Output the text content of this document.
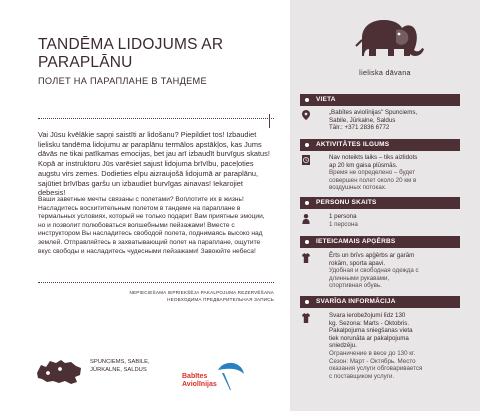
TANDĒMA LIDOJUMS AR PARAPLĀNU
ПОЛЕТ НА ПАРАПЛАНЕ В ТАНДЕМЕ

Vai Jūsu kvēlākie sapņi saistīti ar lidošanu? Piepildiet tos! Izbaudiet lielisku tandēma lidojumu ar paraplānu termālos apstākļos, kas Jums dāvās ne tikai patīkamas emocijas, bet jau arī izbaudīt burvīgus skatus! Kopā ar instruktoru Jūs varēsiet sajust lidojuma brīvību, paceļoties augstu virs zemes. Dodieties elpu aizraujošā lidojumā ar paraplānu, sajūtiet brīvības garšu un izbaudiet burvīgas ainavas! Iekarojiet debesis!

Ваши заветные мечты связаны с полетами? Воплотите их в жизнь! Насладитесь восхитительным полетом в тандеме на параплане в термальных условиях, который не только подарит Вам приятные эмоции, но и позволит полюбоваться волшебными пейзажами! Вместе с инструктором Вы насладитесь свободой полета, поднимаясь высоко над землей. Отправляйтесь в захватывающий полет на параплане, ощутите вкус свободы и насладитесь чудесными пейзажами! Завоюйте небеса!

NEPIECIEŠAMA IEPRIEKŠĒJA PAKALPOJUMA REZERVĒŠANA
НЕОБХОДИМА ПРЕДВАРИТЕЛЬНАЯ ЗАПИСЬ
SPUNCIEMS, SABILE,
JŪRKALNE, SALDUS
Babītes
Aviolīnijas
lieliska dāvana
VIETA
„Babītes aviolīnijas" Spunciems,
Sabile, Jūrkalne, Saldus
Tālr.: +371 2836 6772
AKTIVITĀTES ILGUMS
Nav noteikts laiks – tiks aizlidots
ap 20 km gaisa plūsmās.
Время не определено – будет
совершен полет около 20 км в
воздушных потоках.
PERSONU SKAITS
1 persona
1 персона
IETEICAMAIS APĢĒRBS
Ērts un brīvs apģērbs ar garām
rokām, sporta apavi.
Удобная и свободная одежда с
длинными рукавами,
спортивная обувь.
SVARĪGA INFORMĀCIJA
Svara ierobežojumi līdz 130
kg. Sezona: Marts - Oktobris.
Pakalpojuma sniegšanas vieta
tiek norunāta ar pakalpojuma
sniedzēju.
Ограничение в весе до 130 кг.
Сезон: Март - Октябрь. Место
оказания услуги обговаривается
с поставщиком услуги.
